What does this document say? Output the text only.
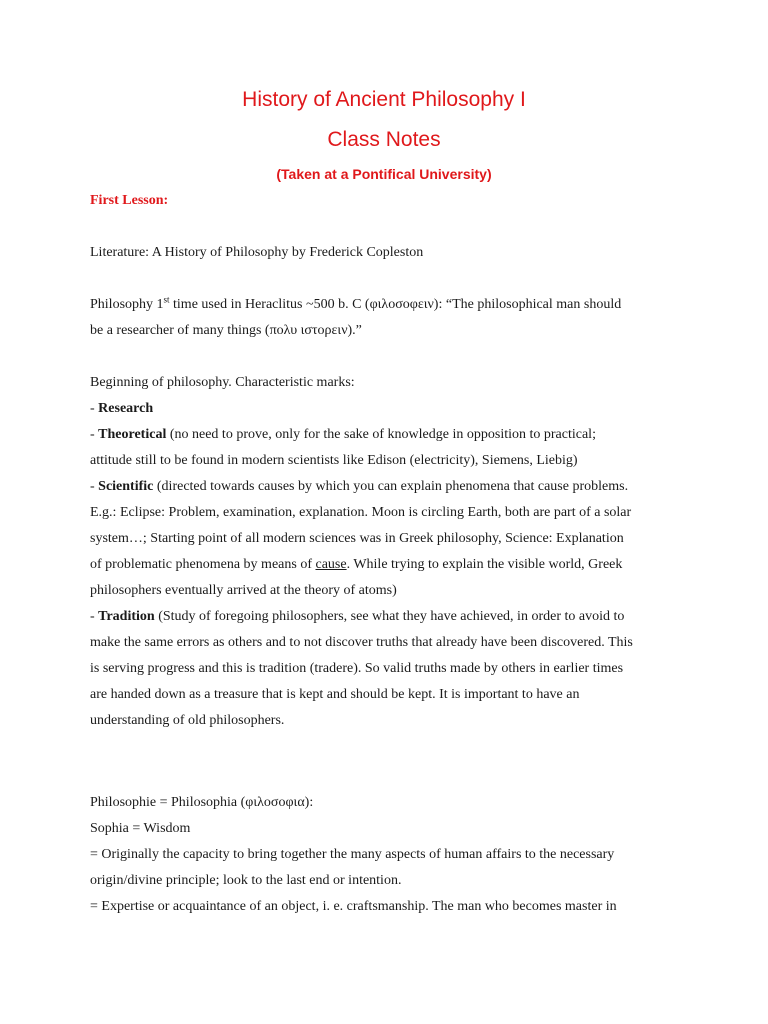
History of Ancient Philosophy I
Class Notes
(Taken at a Pontifical University)
First Lesson:

Literature: A History of Philosophy by Frederick Copleston

Philosophy 1st time used in Heraclitus ~500 b. C (φιλοσοφειν): “The philosophical man should

be a researcher of many things (πολυ ιστορειν).”

Beginning of philosophy. Characteristic marks:

- Research

- Theoretical (no need to prove, only for the sake of knowledge in opposition to practical;

attitude still to be found in modern scientists like Edison (electricity), Siemens, Liebig)

- Scientific (directed towards causes by which you can explain phenomena that cause problems.

E.g.: Eclipse: Problem, examination, explanation. Moon is circling Earth, both are part of a solar

system…; Starting point of all modern sciences was in Greek philosophy, Science: Explanation

of problematic phenomena by means of cause. While trying to explain the visible world, Greek

philosophers eventually arrived at the theory of atoms)

- Tradition (Study of foregoing philosophers, see what they have achieved, in order to avoid to

make the same errors as others and to not discover truths that already have been discovered. This

is serving progress and this is tradition (tradere). So valid truths made by others in earlier times

are handed down as a treasure that is kept and should be kept. It is important to have an

understanding of old philosophers.

Philosophie = Philosophia (φιλοσοφια):

Sophia = Wisdom

= Originally the capacity to bring together the many aspects of human affairs to the necessary

origin/divine principle; look to the last end or intention.

= Expertise or acquaintance of an object, i. e. craftsmanship. The man who becomes master in
